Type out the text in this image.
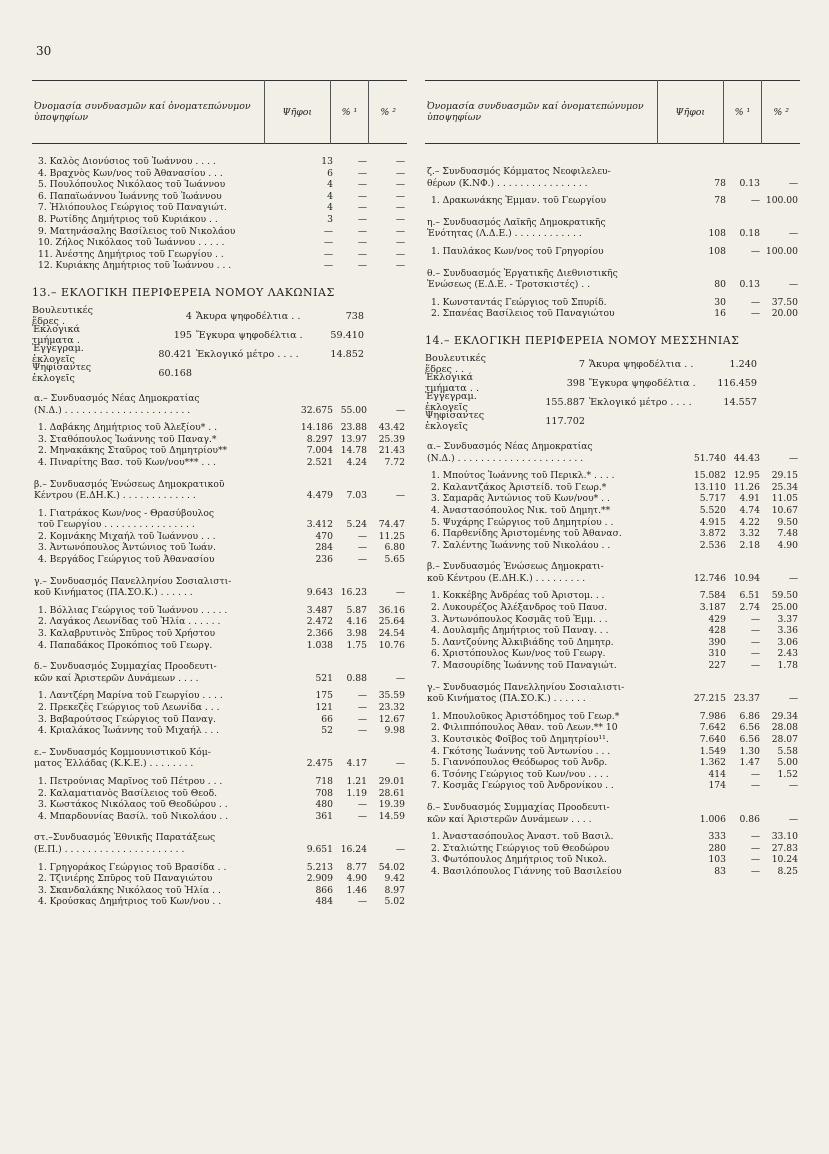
30
Ὀνομασία συνδυασμῶν καί ὀνοματεπώνυμον ὑποψηφίων	Ψῆφοι	% ¹	% ²
3. Καλὸς Διονύσιος τοῦ Ἰωάννου . . . .	13	—	—
4. Βραχνὸς Κων/νος τοῦ Ἀθανασίου . . .	6	—	—
5. Πουλόπουλος Νικόλαος τοῦ Ἰωάννου	4	—	—
6. Παπαϊωάννου Ἰωάννης τοῦ Ἰωάννου	4	—	—
7. Ἠλιόπουλος Γεώργιος τοῦ Παναγιώτ.	4	—	—
8. Ρωτίδης Δημήτριος τοῦ Κυριάκου . .	3	—	—
9. Ματηνάσαλης Βασίλειος τοῦ Νικολάου	—	—	—
10. Ζήλος Νικόλαος τοῦ Ἰωάννου . . . . .	—	—	—
11. Ἀνέστης Δημήτριος τοῦ Γεωργίου . .	—	—	—
12. Κυριάκης Δημήτριος τοῦ Ἰωάννου . . .	—	—	—
13.– ΕΚΛΟΓΙΚΗ ΠΕΡΙΦΕΡΕΙΑ ΝΟΜΟΥ ΛΑΚΩΝΙΑΣ
Βουλευτικές ἕδρες .	4 Ἄκυρα ψηφοδέλτια . .	738
Ἐκλογικά τμήματα .	195 Ἔγκυρα ψηφοδέλτια .	59.410
Ἐγγεγραμ. ἐκλογεῖς	80.421 Ἐκλογικό μέτρο . . . .	14.852
Ψηφίσαντες ἐκλογεῖς	60.168
α.– Συνδυασμός Νέας Δημοκρατίας
(Ν.Δ.) . . . . . . . . . . . . . . . . . . . . . .	32.675 55.00	—
1. Δαβάκης Δημήτριος τοῦ Ἀλεξίου* . .	14.186 23.88	43.42
3. Σταθόπουλος Ἰωάννης τοῦ Παναγ.*	8.297 13.97	25.39
2. Μηνακάκης Σταῦρος τοῦ Δημητρίου**	7.004 14.78	21.43
4. Πιναρίτης Βασ. τοῦ Κων/νου*** . . .	2.521	4.24	7.72
β.– Συνδυασμός Ἑνώσεως Δημοκρατικοῦ
Κέντρου (Ε.ΔΗ.Κ.) . . . . . . . . . . . . .	4.479	7.03	—
1. Γιατράκος Κων/νος - Θρασύβουλος
τοῦ Γεωργίου . . . . . . . . . . . . . . . .	3.412	5.24	74.47
2. Κομνάκης Μιχαήλ τοῦ Ἰωάννου . . .	470	—	11.25
3. Ἀντωνόπουλος Ἀντώνιος τοῦ Ἰωάν.	284	—	6.80
4. Βεργάδος Γεώργιος τοῦ Ἀθανασίου	236	—	5.65
γ.– Συνδυασμός Πανελληνίου Σοσιαλιστι-
κοῦ Κινήματος (ΠΑ.ΣΟ.Κ.) . . . . . .	9.643 16.23	—
1. Βόλλιας Γεώργιος τοῦ Ἰωάννου . . . . .	3.487	5.87	36.16
2. Λαγάκος Λεωνίδας τοῦ Ἠλία . . . . . .	2.472	4.16	25.64
3. Καλαβρυτινὸς Σπῦρος τοῦ Χρήστου	2.366	3.98	24.54
4. Παπαδάκος Προκόπιος τοῦ Γεωργ.	1.038	1.75	10.76
δ.– Συνδυασμός Συμμαχίας Προοδευτι-
κῶν καί Ἀριστερῶν Δυνάμεων . . . .	521	0.88	—
1. Λαντζέρη Μαρίνα τοῦ Γεωργίου . . . .	175	—	35.59
2. Πρεκεζὲς Γεώργιος τοῦ Λεωνίδα . . .	121	—	23.32
3. Βαβαρούτσος Γεώργιος τοῦ Παναγ.	66	—	12.67
4. Κριαλάκος Ἰωάννης τοῦ Μιχαήλ . . .	52	—	9.98
ε.– Συνδυασμός Κομμουνιστικοῦ Κόμ-
ματος Ἑλλάδας (Κ.Κ.Ε.) . . . . . . . .	2.475	4.17	—
1. Πετρούνιας Μαρῖνος τοῦ Πέτρου . . .	718	1.21	29.01
2. Καλαματιανὸς Βασίλειος τοῦ Θεοδ.	708	1.19	28.61
3. Κωστάκος Νικόλαος τοῦ Θεοδώρου . .	480	—	19.39
4. Μπαρδουνίας Βασίλ. τοῦ Νικολάου . .	361	—	14.59
στ.–Συνδυασμός Ἐθνικῆς Παρατάξεως
(Ε.Π.) . . . . . . . . . . . . . . . . . . . . .	9.651 16.24	—
1. Γρηγοράκος Γεώργιος τοῦ Βρασίδα . .	5.213	8.77	54.02
2. Τζινιέρης Σπῦρος τοῦ Παναγιώτου	2.909	4.90	9.42
3. Σκανδαλάκης Νικόλαος τοῦ Ἠλία . .	866	1.46	8.97
4. Κρούσκας Δημήτριος τοῦ Κων/νου . .	484	—	5.02
Ὀνομασία συνδυασμῶν καί ὀνοματεπώνυμον ὑποψηφίων	Ψῆφοι	% ¹	% ²
ζ.– Συνδυασμός Κόμματος Νεοφιλελευ-
θέρων (Κ.ΝΦ.) . . . . . . . . . . . . . . . .	78	0.13	—
1. Δρακωνάκης Ἐμμαν. τοῦ Γεωργίου	78	— 100.00
η.– Συνδυασμός Λαϊκῆς Δημοκρατικῆς
Ἑνότητας (Λ.Δ.Ε.) . . . . . . . . . . . .	108	0.18	—
1. Παυλάκος Κων/νος τοῦ Γρηγορίου	108	— 100.00
θ.– Συνδυασμός Ἐργατικῆς Διεθνιστικῆς
Ἑνώσεως (Ε.Δ.Ε. - Τροτσκιστές) . .	80	0.13	—
1. Κωνσταντάς Γεώργιος τοῦ Σπυρίδ.	30	—	37.50
2. Σπανέας Βασίλειος τοῦ Παναγιώτου	16	—	20.00
14.– ΕΚΛΟΓΙΚΗ ΠΕΡΙΦΕΡΕΙΑ ΝΟΜΟΥ ΜΕΣΣΗΝΙΑΣ
Βουλευτικές ἕδρες . .	7 Ἄκυρα ψηφοδέλτια . .	1.240
Ἐκλογικά τμήματα . .	398 Ἔγκυρα ψηφοδέλτια .	116.459
Ἐγγεγραμ. ἐκλογεῖς	155.887 Ἐκλογικό μέτρο . . . .	14.557
Ψηφίσαντες ἐκλογεῖς	117.702
α.– Συνδυασμός Νέας Δημοκρατίας
(Ν.Δ.) . . . . . . . . . . . . . . . . . . . . . .	51.740 44.43	—
1. Μπούτος Ἰωάννης τοῦ Περικλ.* . . . .	15.082 12.95	29.15
2. Καλαντζάκος Ἀριστείδ. τοῦ Γεωρ.*	13.110 11.26	25.34
3. Σαμαρᾶς Ἀντώνιος τοῦ Κων/νου* . .	5.717	4.91	11.05
4. Ἀναστασόπουλος Νικ. τοῦ Δημητ.**	5.520	4.74	10.67
5. Ψυχάρης Γεώργιος τοῦ Δημητρίου . .	4.915	4.22	9.50
6. Παρθενίδης Ἀριστομένης τοῦ Ἀθανασ.	3.872	3.32	7.48
7. Σαλέντης Ἰωάννης τοῦ Νικολάου . .	2.536	2.18	4.90
β.– Συνδυασμός Ἑνώσεως Δημοκρατι-
κοῦ Κέντρου (Ε.ΔΗ.Κ.) . . . . . . . . .	12.746 10.94	—
1. Κοκκέβης Ἀνδρέας τοῦ Ἀριστομ. . .	7.584	6.51	59.50
2. Λυκουρέζος Ἀλέξανδρος τοῦ Παυσ.	3.187	2.74	25.00
3. Ἀντωνόπουλος Κοσμᾶς τοῦ Ἐμμ. . .	429	—	3.37
4. Δουλαμῆς Δημήτριος τοῦ Παναγ. . .	428	—	3.36
5. Λαντζούνης Ἀλκιβιάδης τοῦ Δημητρ.	390	—	3.06
6. Χριστόπουλος Κων/νος τοῦ Γεωργ.	310	—	2.43
7. Μασουρίδης Ἰωάννης τοῦ Παναγιώτ.	227	—	1.78
γ.– Συνδυασμός Πανελληνίου Σοσιαλιστι-
κοῦ Κινήματος (ΠΑ.ΣΟ.Κ.) . . . . . .	27.215 23.37	—
1. Μπουλοῦκος Ἀριστόδημος τοῦ Γεωρ.*	7.986	6.86	29.34
2. Φιλιππόπουλος Ἀθαν. τοῦ Λεων.** 10	7.642	6.56	28.08
3. Κουτσικὸς Φοῖβος τοῦ Δημητρίου¹¹.	7.640	6.56	28.07
4. Γκότσης Ἰωάννης τοῦ Ἀντωνίου . . .	1.549	1.30	5.58
5. Γιαννόπουλος Θεόδωρος τοῦ Ἀνδρ.	1.362	1.47	5.00
6. Τσόνης Γεώργιος τοῦ Κων/νου . . . .	414	—	1.52
7. Κοσμᾶς Γεώργιος τοῦ Ἀνδρονίκου . .	174	—	—
δ.– Συνδυασμός Συμμαχίας Προοδευτι-
κῶν καί Ἀριστερῶν Δυνάμεων . . . .	1.006	0.86	—
1. Ἀναστασόπουλος Ἀναστ. τοῦ Βασιλ.	333	—	33.10
2. Σταλιώτης Γεώργιος τοῦ Θεοδώρου	280	—	27.83
3. Φωτόπουλος Δημήτριος τοῦ Νικολ.	103	—	10.24
4. Βασιλόπουλος Γιάννης τοῦ Βασιλείου	83	—	8.25
